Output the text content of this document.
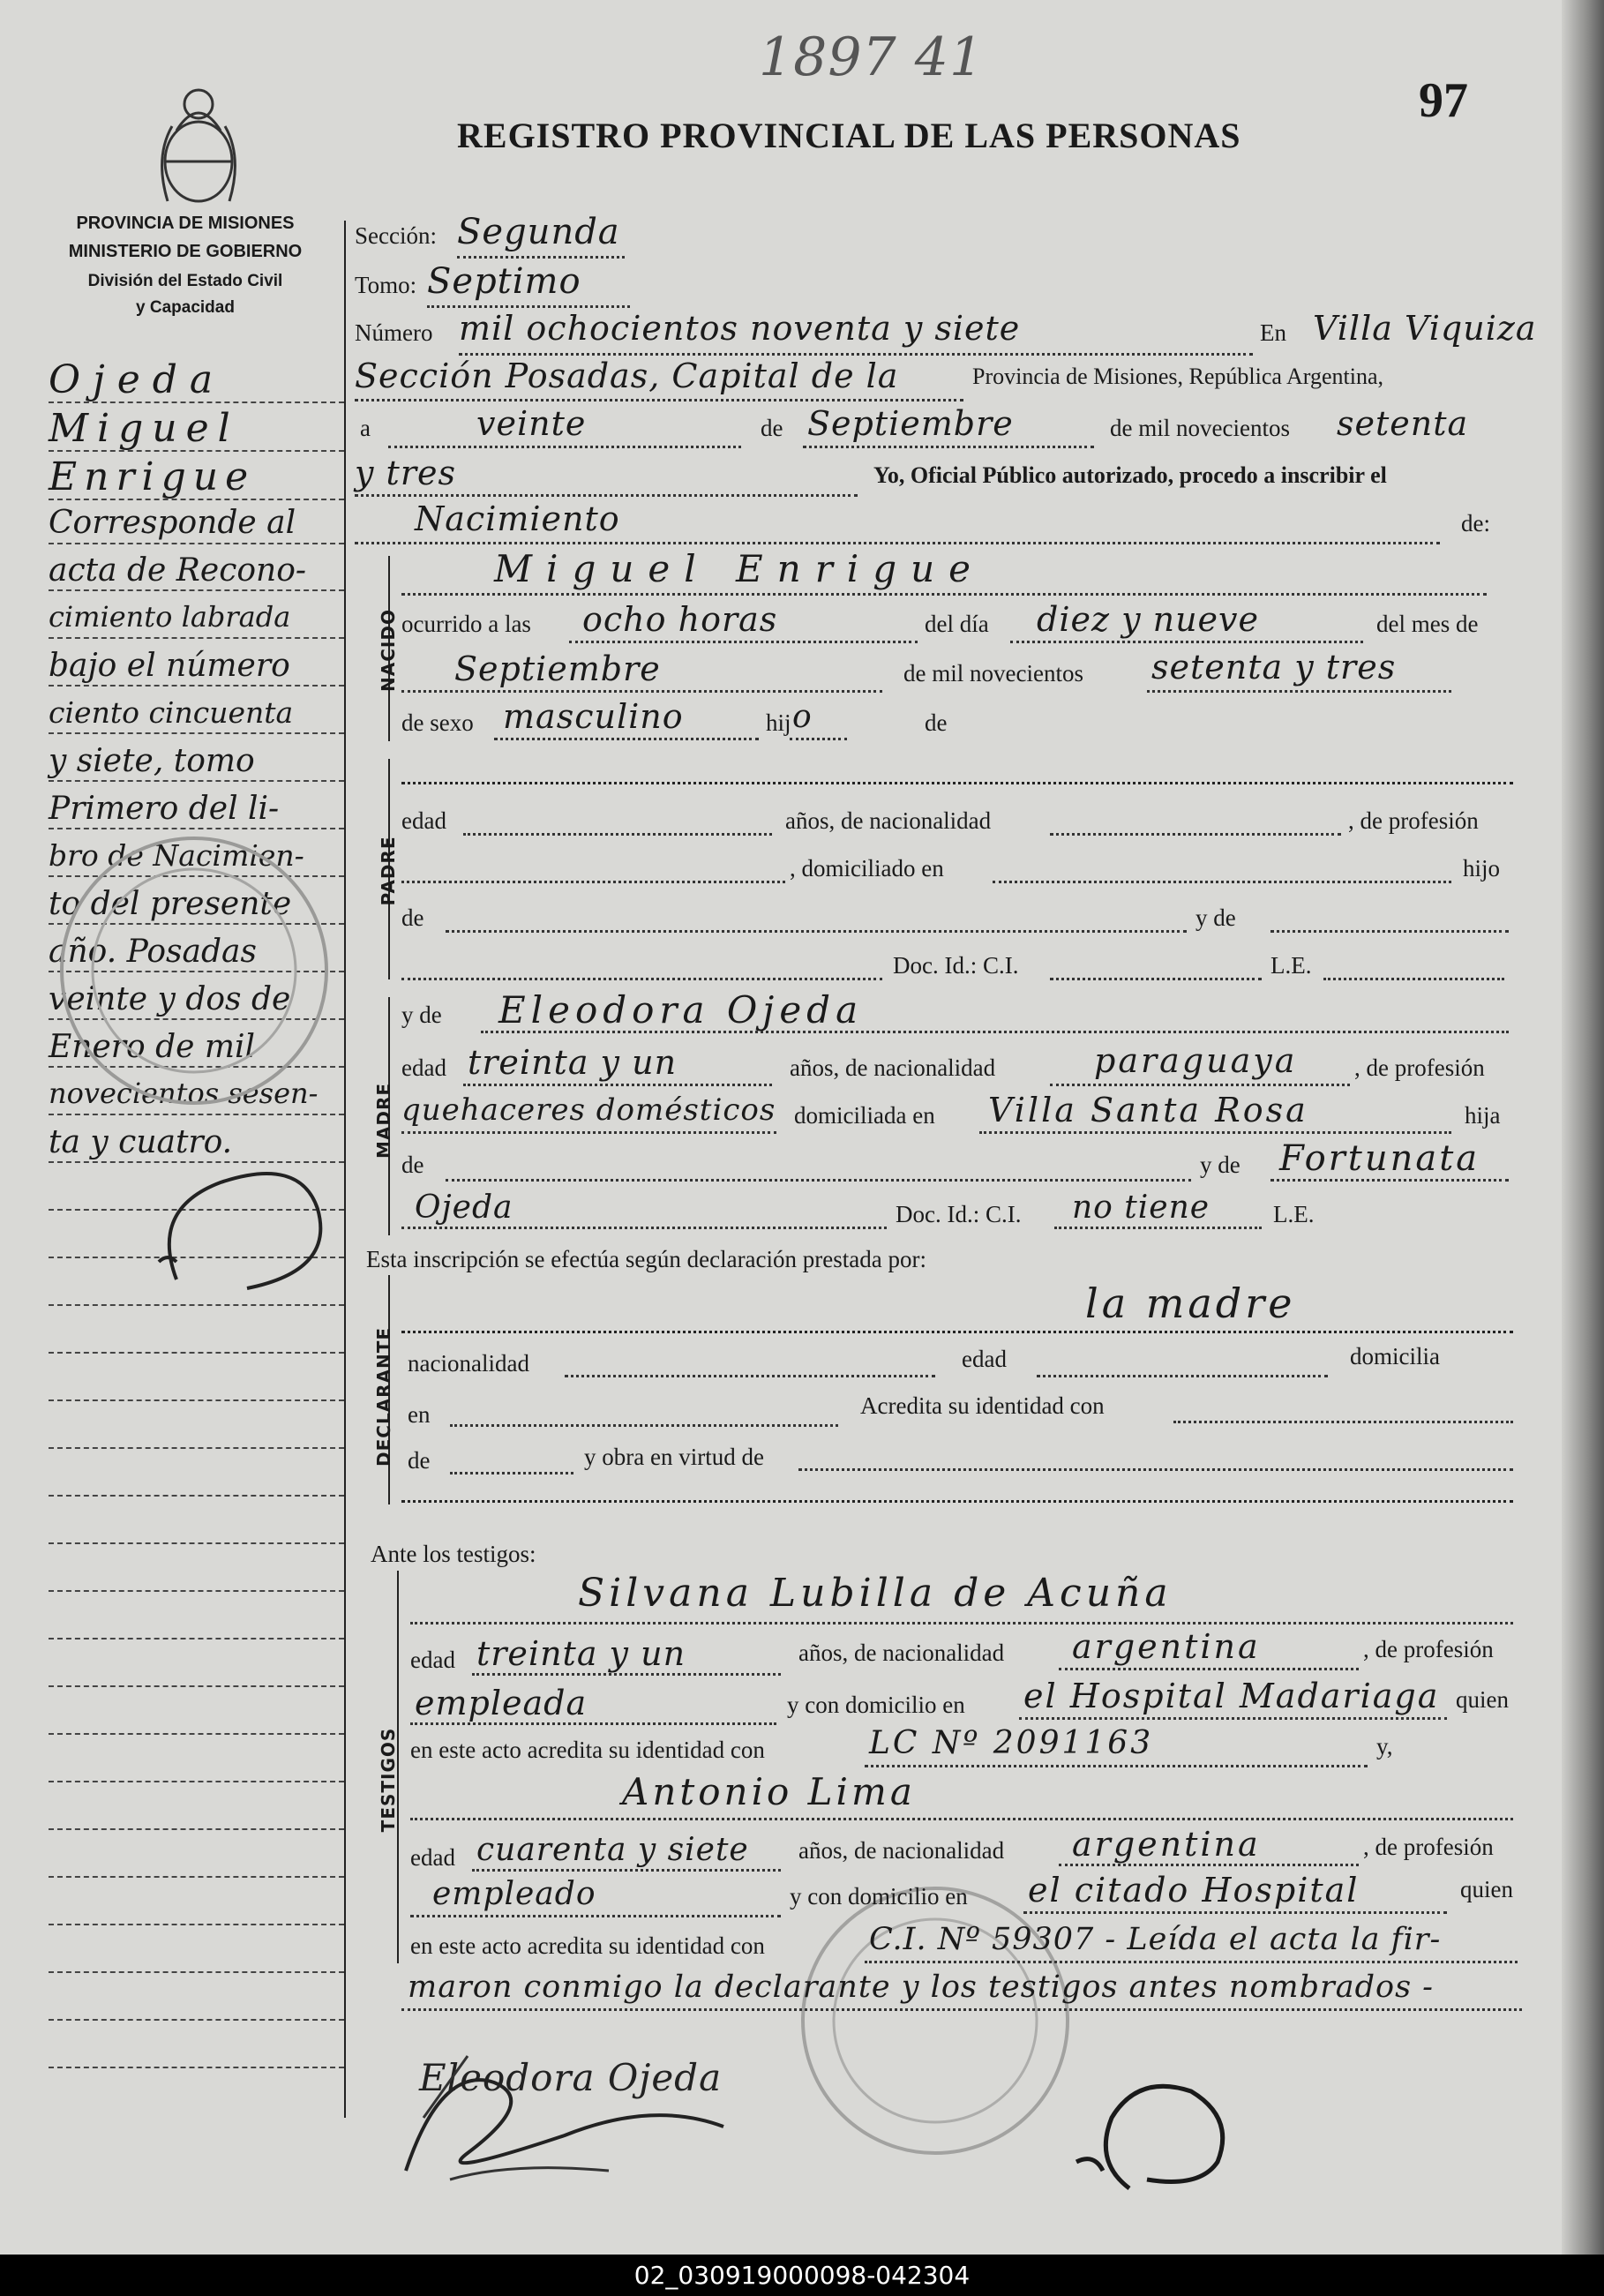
PROVINCIA DE MISIONES
MINISTERIO DE GOBIERNO
División del Estado Civil
y Capacidad
1897 41
97
REGISTRO PROVINCIAL DE LAS PERSONAS
Ojeda
Miguel
Enrigue
Corresponde al
acta de Recono-
cimiento labrada
bajo el número
ciento cincuenta
y siete, tomo
Primero del li-
bro de Nacimien-
to del presente
año. Posadas
veinte y dos de
Enero de mil
novecientos sesen-
ta y cuatro.
Sección: Segunda
Tomo: Septimo
Número mil ochocientos noventa y siete	En Villa Viquiza
Sección Posadas, Capital de la	Provincia de Misiones, República Argentina,
a	veinte	de Septiembre	de mil novecientos setenta
y tres	Yo, Oficial Público autorizado, procedo a inscribir el
Nacimiento	de:
NACIDO
Miguel Enrigue
ocurrido a las ocho horas	del día diez y nueve	del mes de
Septiembre	de mil novecientos setenta y tres
de sexo masculino	hij o	de
PADRE
edad	años, de nacionalidad	, de profesión
, domiciliado en	hijo
de	y de
Doc. Id.: C.I.	L.E.
MADRE
y de Eleodora Ojeda
edad treinta y un	años, de nacionalidad	paraguaya , de profesión
quehaceres domésticos domiciliada en Villa Santa Rosa	hija
de	y de Fortunata
Ojeda	Doc. Id.: C.I. no tiene	L.E.
Esta inscripción se efectúa según declaración prestada por:
DECLARANTE
la madre
nacionalidad	edad	domicilia
en	Acredita su identidad con
de	y obra en virtud de
Ante los testigos:
TESTIGOS
Silvana Lubilla de Acuña
edad treinta y un	años, de nacionalidad argentina	, de profesión
empleada	y con domicilio en el Hospital Madariaga quien
en este acto acredita su identidad con	LC Nº 2091163	y,
Antonio Lima
edad cuarenta y siete años, de nacionalidad argentina	, de profesión
empleado	y con domicilio en el citado Hospital	quien
en este acto acredita su identidad con	C.I. Nº 59307 - Leída el acta la fir-
maron conmigo la declarante y los testigos antes nombrados -
Eleodora Ojeda
02_030919000098-042304
